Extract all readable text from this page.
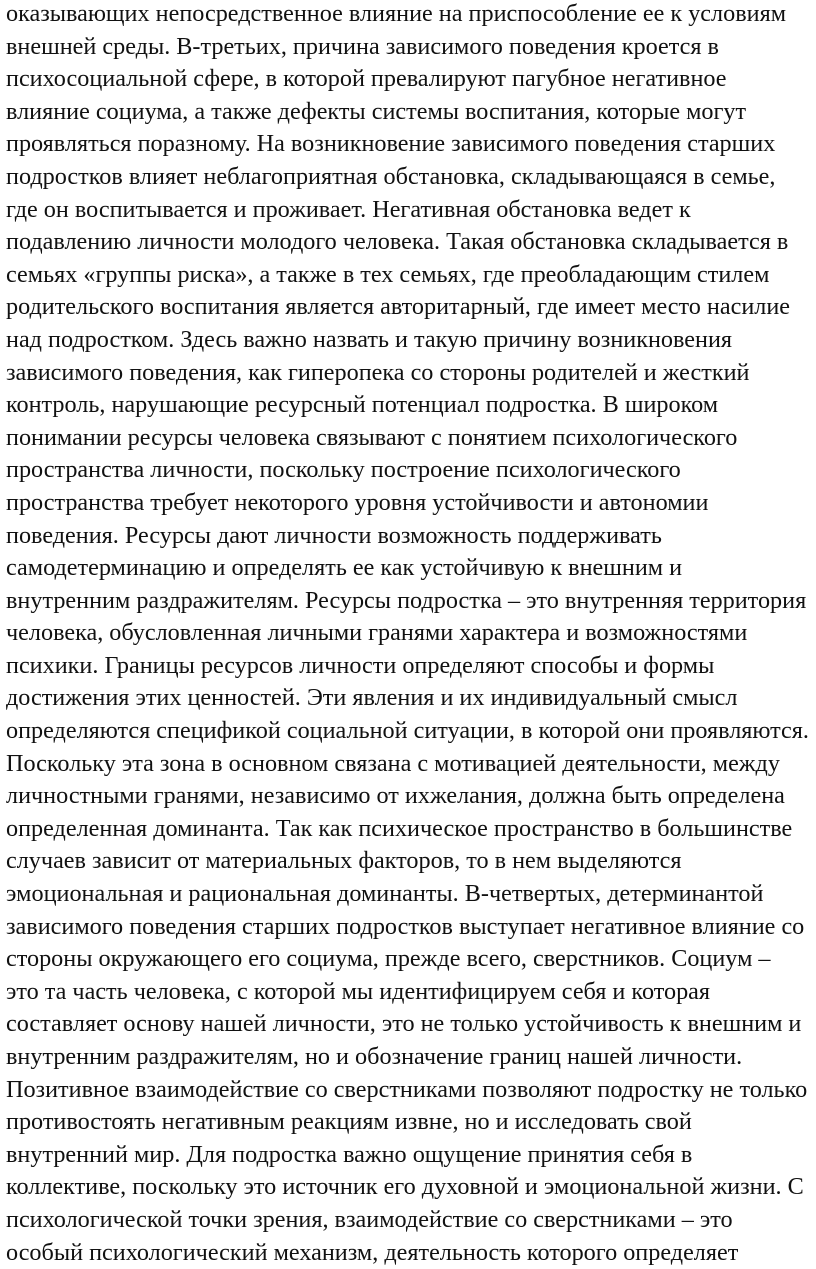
оказывающих непосредственное влияние на приспособление ее к условиям
внешней среды. В-третьих, причина зависимого поведения кроется в
психосоциальной сфере, в которой превалируют пагубное негативное
влияние социума, а также дефекты системы воспитания, которые могут
проявляться поразному. На возникновение зависимого поведения старших
подростков влияет неблагоприятная обстановка, складывающаяся в семье,
где он воспитывается и проживает. Негативная обстановка ведет к
подавлению личности молодого человека. Такая обстановка складывается в
семьях «группы риска», а также в тех семьях, где преобладающим стилем
родительского воспитания является авторитарный, где имеет место насилие
над подростком. Здесь важно назвать и такую причину возникновения
зависимого поведения, как гиперопека со стороны родителей и жесткий
контроль, нарушающие ресурсный потенциал подростка. В широком
понимании ресурсы человека связывают с понятием психологического
пространства личности, поскольку построение психологического
пространства требует некоторого уровня устойчивости и автономии
поведения. Ресурсы дают личности возможность поддерживать
самодетерминацию и определять ее как устойчивую к внешним и
внутренним раздражителям. Ресурсы подростка – это внутренняя территория
человека, обусловленная личными гранями характера и возможностями
психики. Границы ресурсов личности определяют способы и формы
достижения этих ценностей. Эти явления и их индивидуальный смысл
определяются спецификой социальной ситуации, в которой они проявляются.
Поскольку эта зона в основном связана с мотивацией деятельности, между
личностными гранями, независимо от ихжелания, должна быть определена
определенная доминанта. Так как психическое пространство в большинстве
случаев зависит от материальных факторов, то в нем выделяются
эмоциональная и рациональная доминанты. В-четвертых, детерминантой
зависимого поведения старших подростков выступает негативное влияние со
стороны окружающего его социума, прежде всего, сверстников. Социум –
это та часть человека, с которой мы идентифицируем себя и которая
составляет основу нашей личности, это не только устойчивость к внешним и
внутренним раздражителям, но и обозначение границ нашей личности.
Позитивное взаимодействие со сверстниками позволяют подростку не только
противостоять негативным реакциям извне, но и исследовать свой
внутренний мир. Для подростка важно ощущение принятия себя в
коллективе, поскольку это источник его духовной и эмоциональной жизни. С
психологической точки зрения, взаимодействие со сверстниками – это
особый психологический механизм, деятельность которого определяет
